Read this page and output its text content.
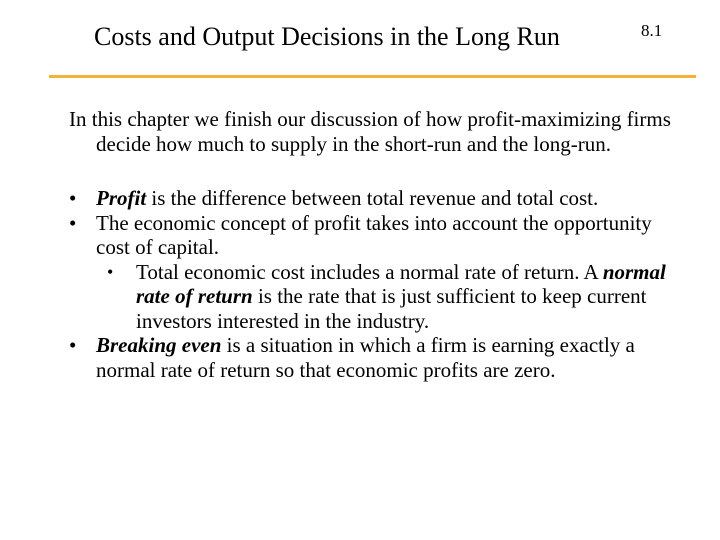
Costs and Output Decisions in the Long Run	8.1

In this chapter we finish our discussion of how profit-maximizing firms decide how much to supply in the short-run and the long-run.

• Profit is the difference between total revenue and total cost.

• The economic concept of profit takes into account the opportunity cost of capital.

•	Total economic cost includes a normal rate of return. A normal rate of return is the rate that is just sufficient to keep current investors interested in the industry.

• Breaking even is a situation in which a firm is earning exactly a normal rate of return so that economic profits are zero.
